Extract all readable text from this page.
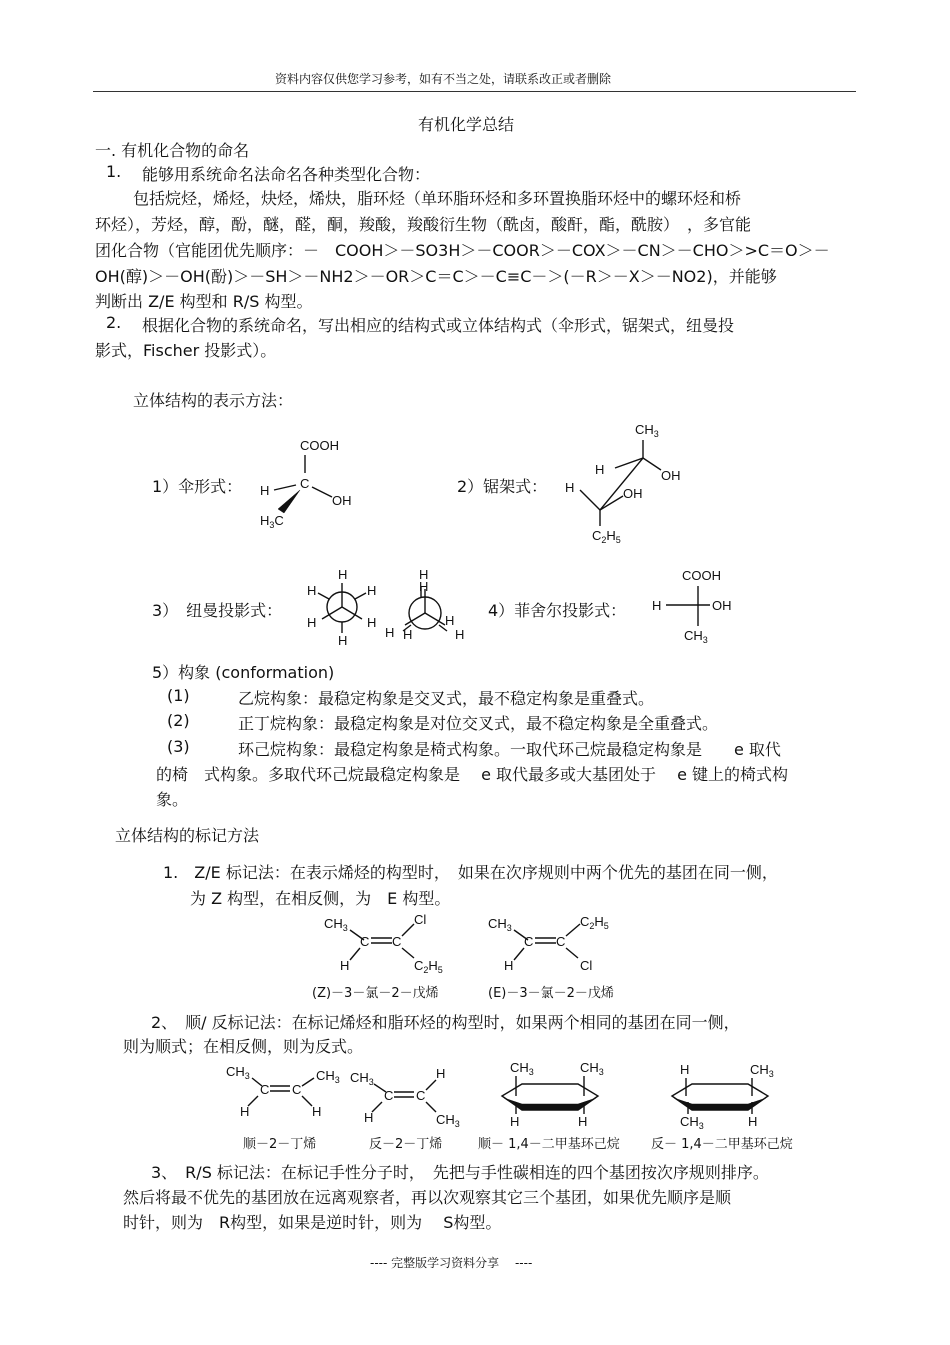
资料内容仅供您学习参考，如有不当之处，请联系改正或者删除
有机化学总结
一. 有机化合物的命名
1. 能够用系统命名法命名各种类型化合物：
包括烷烃，烯烃，炔烃，烯炔，脂环烃（单环脂环烃和多环置换脂环烃中的螺环烃和桥
环烃），芳烃，醇，酚，醚，醛，酮，羧酸，羧酸衍生物（酰卤，酸酐，酯，酰胺）　，多官能
团化合物（官能团优先顺序：－　COOH＞－SO3H＞－COOR＞－COX＞－CN＞－CHO＞>C＝O＞－
OH(醇)＞－OH(酚)＞－SH＞－NH2＞－OR＞C＝C＞－C≡C－＞(－R＞－X＞－NO2)，并能够
判断出 Z/E 构型和 R/S 构型。
2. 根据化合物的系统命名，写出相应的结构式或立体结构式（伞形式，锯架式，纽曼投
影式，Fischer 投影式）。
立体结构的表示方法：
1）伞形式：
COOH
C
H
OH
$H_3C$
2）锯架式：
$CH_3$
H	OH
H	OH
$C_2H_5$
3）　纽曼投影式：
H
H	H
H	H
H
H
H
H H
H
H
4）菲舍尔投影式：
COOH
H	OH
$CH_3$
5）构象 (conformation)
(1)	乙烷构象：最稳定构象是交叉式，最不稳定构象是重叠式。
(2)	正丁烷构象：最稳定构象是对位交叉式，最不稳定构象是全重叠式。
(3)	环己烷构象：最稳定构象是椅式构象。一取代环己烷最稳定构象是　　e 取代
的椅　式构象。多取代环己烷最稳定构象是　 e 取代最多或大基团处于　 e 键上的椅式构
象。
立体结构的标记方法
1.　Z/E 标记法：在表示烯烃的构型时，　如果在次序规则中两个优先的基团在同一侧，
为 Z 构型，在相反侧，为　E 构型。
$CH_3$
C C
Cl
H	$C_2H_5$
$CH_3$
C C
$C_2H_5$
H	Cl
(Z)－3－氯－2－戊烯	(E)－3－氯－2－戊烯
2、　顺/ 反标记法：在标记烯烃和脂环烃的构型时，如果两个相同的基团在同一侧，
则为顺式；在相反侧，则为反式。
$CH_3$
C C
$CH_3$
H	H
$CH_3$
C C
H
H	$CH_3$
$CH_3$	$CH_3$
H	H
H	$CH_3$
$CH_3$	H
顺－2－丁烯	反－2－丁烯	顺－ 1,4－二甲基环己烷 反－ 1,4－二甲基环己烷
3、　R/S 标记法：在标记手性分子时，　先把与手性碳相连的四个基团按次序规则排序。
然后将最不优先的基团放在远离观察者，再以次观察其它三个基团，如果优先顺序是顺
时针，则为　R构型，如果是逆时针，则为　 S构型。
---- 完整版学习资料分享　 ----
